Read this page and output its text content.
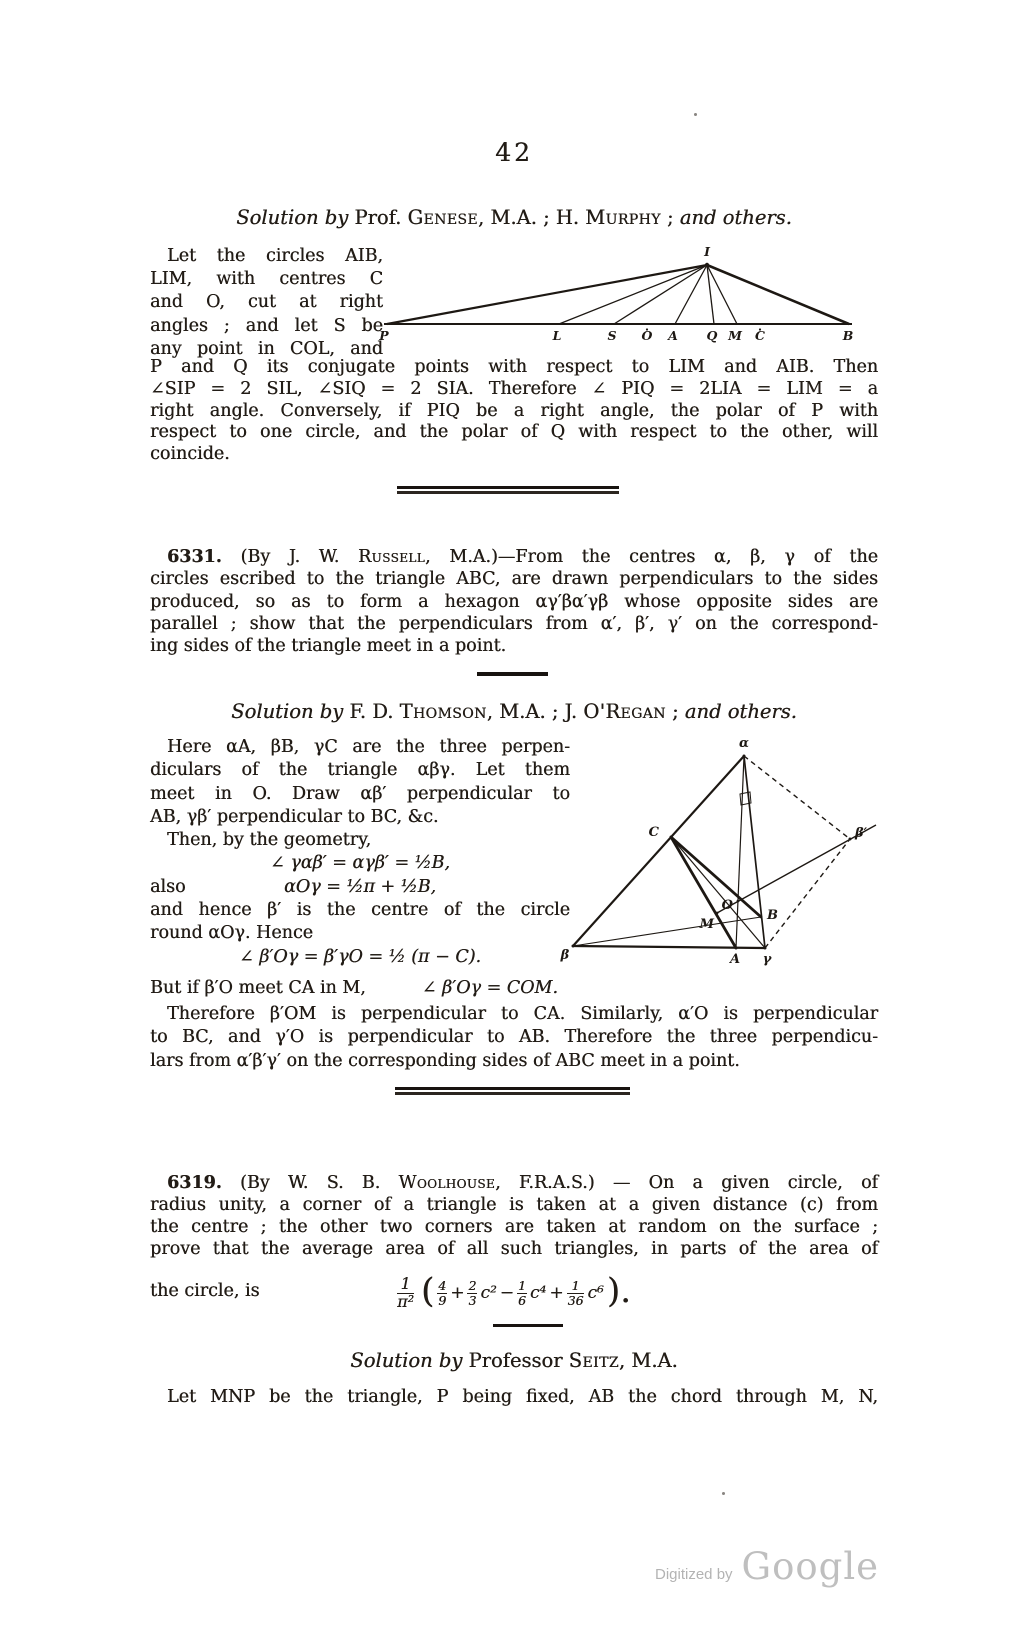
42
Solution by Prof. Genese, M.A. ; H. Murphy ; and others.
Let the circles AIB,
LIM, with centres C
and O, cut at right
angles ; and let S be
any point in COL, and
I
P	L	S O A Q M C	B
P and Q its conjugate points with respect to LIM and AIB. Then
∠SIP = 2 SIL, ∠SIQ = 2 SIA. Therefore ∠ PIQ = 2LIA = LIM = a
right angle. Conversely, if PIQ be a right angle, the polar of P with
respect to one circle, and the polar of Q with respect to the other, will
coincide.
6331. (By J. W. Russell, M.A.)—From the centres α, β, γ of the
circles escribed to the triangle ABC, are drawn perpendiculars to the sides
produced, so as to form a hexagon αγ′βα′γβ whose opposite sides are
parallel ; show that the perpendiculars from α′, β′, γ′ on the correspond-
ing sides of the triangle meet in a point.
Solution by F. D. Thomson, M.A. ; J. O'Regan ; and others.
Here αA, βB, γC are the three perpen-
diculars of the triangle αβγ. Let them
meet in O. Draw αβ′ perpendicular to
AB, γβ′ perpendicular to BC, &c.
Then, by the geometry,
∠ γαβ′ = αγβ′ = ½B,
also	αOγ = ½π + ½B,
and hence β′ is the centre of the circle
round αOγ. Hence
∠ β′Oγ = β′γO = ½ (π − C).
α
C	β′
O
B
M
β	A γ
But if β′O meet CA in M,	∠ β′Oγ = COM.
Therefore β′OM is perpendicular to CA. Similarly, α′O is perpendicular
to BC, and γ′O is perpendicular to AB. Therefore the three perpendicu-
lars from α′β′γ′ on the corresponding sides of ABC meet in a point.
6319. (By W. S. B. Woolhouse, F.R.A.S.) — On a given circle, of
radius unity, a corner of a triangle is taken at a given distance (c) from
the centre ; the other two corners are taken at random on the surface ;
prove that the average area of all such triangles, in parts of the area of
the circle, is	$\frac{1}{\text{π²}}$ ( $\frac{4}{9} + \frac{2}{3} c^2 - \frac{1}{6} c^4 + \frac{1}{36} c^6$ ).
Solution by Professor Seitz, M.A.
Let MNP be the triangle, P being fixed, AB the chord through M, N,
Digitized by Google
